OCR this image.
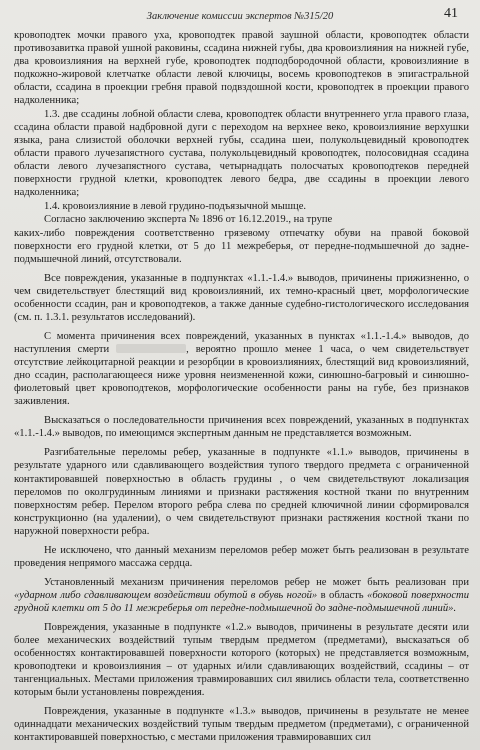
Заключение комиссии экспертов №315/20	41

кровоподтек мочки правого уха, кровоподтек правой заушной области, кровоподтек области противозавитка правой ушной раковины, ссадина нижней губы, два кровоизлияния на нижней губе, два кровоизлияния на верхней губе, кровоподтек подподбородочной области, кровоизлияние в подкожно-жировой клетчатке области левой ключицы, восемь кровоподтеков в эпигастральной области, ссадина в проекции гребня правой подвздошной кости, кровоподтек в проекции правого надколенника;

1.3. две ссадины лобной области слева, кровоподтек области внутреннего угла правого глаза, ссадина области правой надбровной дуги с переходом на верхнее веко, кровоизлияние верхушки языка, рана слизистой оболочки верхней губы, ссадина шеи, полукольцевидный кровоподтек области правого лучезапястного сустава, полукольцевидный кровоподтек, полосовидная ссадина области левого лучезапястного сустава, четырнадцать полосчатых кровоподтеков передней поверхности грудной клетки, кровоподтек левого бедра, две ссадины в проекции левого надколенника;

1.4. кровоизлияние в левой грудино-подъязычной мышце.

Согласно заключению эксперта № 1896 от 16.12.2019., на трупе

каких-либо повреждения соответственно грязевому отпечатку обуви на правой боковой поверхности его грудной клетки, от 5 до 11 межреберья, от передне-подмышечной до задне-подмышечной линий, отсутствовали.

Все повреждения, указанные в подпунктах «1.1.-1.4.» выводов, причинены прижизненно, о чем свидетельствует блестящий вид кровоизлияний, их темно-красный цвет, морфологические особенности ссадин, ран и кровоподтеков, а также данные судебно-гистологического исследования (см. п. 1.3.1. результатов исследований).

С момента причинения всех повреждений, указанных в пунктах «1.1.-1.4.» выводов, до наступления смерти	, вероятно прошло менее 1 часа, о чем свидетельствует отсутствие лейкоцитарной реакции и резорбции в кровоизлияниях, блестящий вид кровоизлияний, дно ссадин, располагающееся ниже уровня неизмененной кожи, синюшно-багровый и синюшно-фиолетовый цвет кровоподтеков, морфологические особенности раны на губе, без признаков заживления.

Высказаться о последовательности причинения всех повреждений, указанных в подпунктах «1.1.-1.4.» выводов, по имеющимся экспертным данным не представляется возможным.

Разгибательные переломы ребер, указанные в подпункте «1.1.» выводов, причинены в результате ударного или сдавливающего воздействия тупого твердого предмета с ограниченной контактировавшей поверхностью в область грудины , о чем свидетельствуют локализация переломов по околгрудинным линиями и признаки растяжения костной ткани по внутренним поверхностям ребер. Перелом второго ребра слева по средней ключичной линии сформировался конструкционно (на удалении), о чем свидетельствуют признаки растяжения костной ткани по наружной поверхности ребра.

Не исключено, что данный механизм переломов ребер может быть реализован в результате проведения непрямого массажа сердца.

Установленный механизм причинения переломов ребер не может быть реализован при «ударном либо сдавливающем воздействии обутой в обувь ногой» в область «боковой поверхности грудной клетки от 5 до 11 межреберья от передне-подмышечной до задне-подмышечной линий».

Повреждения, указанные в подпункте «1.2.» выводов, причинены в результате десяти или более механических воздействий тупым твердым предметом (предметами), высказаться об особенностях контактировавшей поверхности которого (которых) не представляется возможным, кровоподтеки и кровоизлияния – от ударных и/или сдавливающих воздействий, ссадины – от тангенциальных. Местами приложения травмировавших сил явились области тела, соответственно которым были установлены повреждения.

Повреждения, указанные в подпункте «1.3.» выводов, причинены в результате не менее одиннадцати механических воздействий тупым твердым предметом (предметами), с ограниченной контактировавшей поверхностью, с местами приложения травмировавших сил
